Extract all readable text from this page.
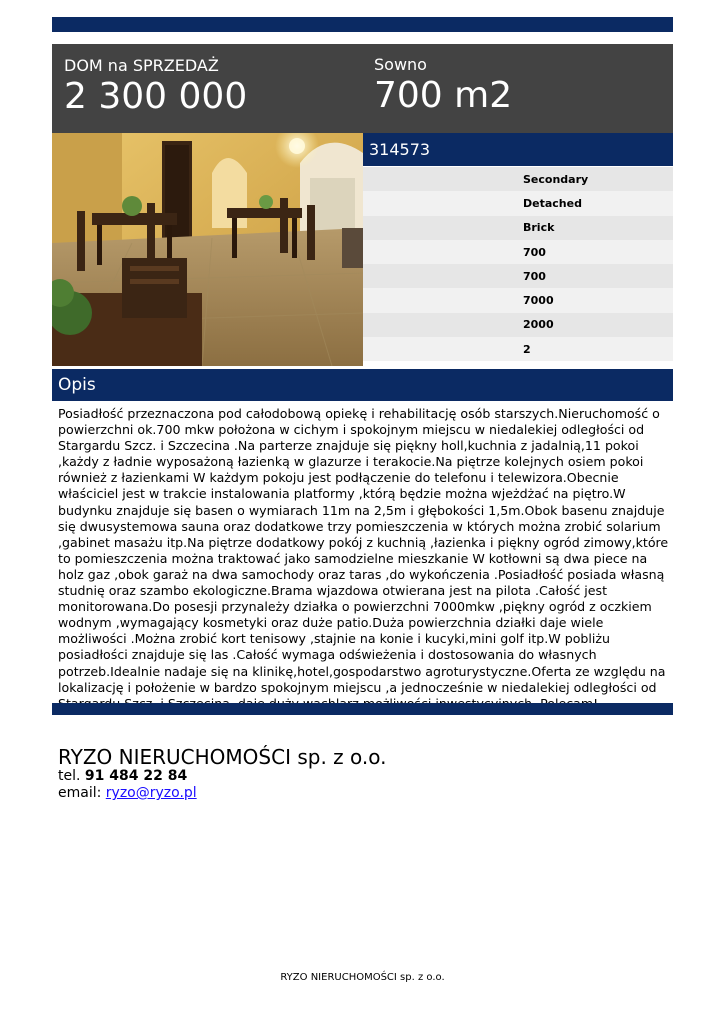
DOM na SPRZEDAŻ
2 300 000
Sowno
700 m2
314573
Secondary
Detached
Brick
700
700
7000
2000
2
Opis
Posiadłość przeznaczona pod całodobową opiekę i rehabilitację osób starszych.Nieruchomość o powierzchni ok.700 mkw położona w cichym i spokojnym miejscu w niedalekiej odległości od Stargardu Szcz. i Szczecina .Na parterze znajduje się piękny holl,kuchnia z jadalnią,11 pokoi ,każdy z ładnie wyposażoną łazienką w glazurze i terakocie.Na piętrze kolejnych osiem pokoi również z łazienkami W każdym pokoju jest podłączenie do telefonu i telewizora.Obecnie właściciel jest w trakcie instalowania platformy ,którą będzie można wjeżdżać na piętro.W budynku znajduje się basen o wymiarach 11m na 2,5m i głębokości 1,5m.Obok basenu znajduje się dwusystemowa sauna oraz dodatkowe trzy pomieszczenia w których można zrobić solarium ,gabinet masażu itp.Na piętrze dodatkowy pokój z kuchnią ,łazienka i piękny ogród zimowy,które to pomieszczenia można traktować jako samodzielne mieszkanie W kotłowni są dwa piece na holz gaz ,obok garaż na dwa samochody oraz taras ,do wykończenia .Posiadłość posiada własną studnię oraz szambo ekologiczne.Brama wjazdowa otwierana jest na pilota .Całość jest monitorowana.Do posesji przynależy działka o powierzchni 7000mkw ,piękny ogród z oczkiem wodnym ,wymagający kosmetyki oraz duże patio.Duża powierzchnia działki daje wiele możliwości .Można zrobić kort tenisowy ,stajnie na konie i kucyki,mini golf itp.W pobliżu posiadłości znajduje się las .Całość wymaga odświeżenia i dostosowania do własnych potrzeb.Idealnie nadaje się na klinikę,hotel,gospodarstwo agroturystyczne.Oferta ze względu na lokalizację i położenie w bardzo spokojnym miejscu ,a jednocześnie w niedalekiej odległości od
RYZO NIERUCHOMOŚCI sp. z o.o.
tel. 91 484 22 84
email: ryzo@ryzo.pl
RYZO NIERUCHOMOŚCI sp. z o.o.
